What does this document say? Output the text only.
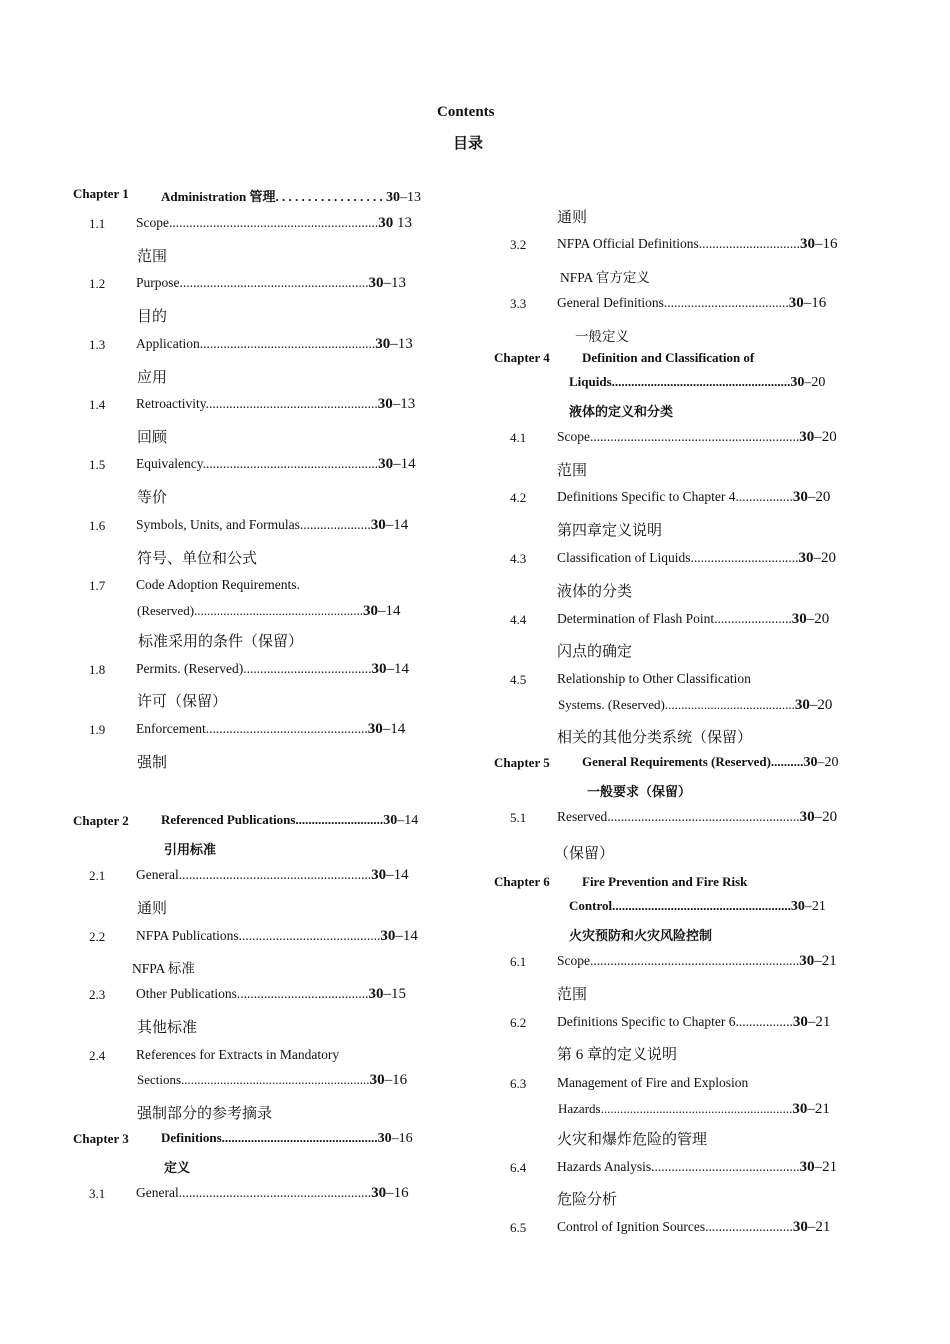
Contents
目录
Chapter 1 Administration 管理. . . . . . . . . . . . . . . . . 30–13
1.1 Scope..............................................................30 13
范围
1.2 Purpose........................................................30–13
目的
1.3 Application....................................................30–13
应用
1.4 Retroactivity...................................................30–13
回顾
1.5 Equivalency....................................................30–14
等价
1.6 Symbols, Units, and Formulas.....................30–14
符号、单位和公式
1.7 Code Adoption Requirements.
(Reserved)....................................................30–14
标准采用的条件（保留）
1.8 Permits. (Reserved)......................................30–14
许可（保留）
1.9 Enforcement................................................30–14
强制
Chapter 2 Referenced Publications...........................30–14
引用标准
2.1 General.........................................................30–14
通则
2.2 NFPA Publications..........................................30–14
NFPA 标准
2.3 Other Publications.......................................30–15
其他标准
2.4 References for Extracts in Mandatory
Sections..........................................................30–16
强制部分的参考摘录
Chapter 3 Definitions................................................30–16
定义
3.1 General.........................................................30–16
通则
3.2 NFPA Official Definitions..............................30–16
NFPA 官方定义
3.3 General Definitions.....................................30–16
一般定义
Chapter 4 Definition and Classification of
Liquids.......................................................30–20
液体的定义和分类
4.1 Scope..............................................................30–20
范围
4.2 Definitions Specific to Chapter 4.................30–20
第四章定义说明
4.3 Classification of Liquids................................30–20
液体的分类
4.4 Determination of Flash Point.......................30–20
闪点的确定
4.5 Relationship to Other Classification
Systems. (Reserved)........................................30–20
相关的其他分类系统（保留）
Chapter 5 General Requirements (Reserved)..........30–20
一般要求（保留）
5.1 Reserved.........................................................30–20
（保留）
Chapter 6 Fire Prevention and Fire Risk
Control.......................................................30–21
火灾预防和火灾风险控制
6.1 Scope..............................................................30–21
范围
6.2 Definitions Specific to Chapter 6.................30–21
第 6 章的定义说明
6.3 Management of Fire and Explosion
Hazards...........................................................30–21
火灾和爆炸危险的管理
6.4 Hazards Analysis............................................30–21
危险分析
6.5 Control of Ignition Sources..........................30–21
